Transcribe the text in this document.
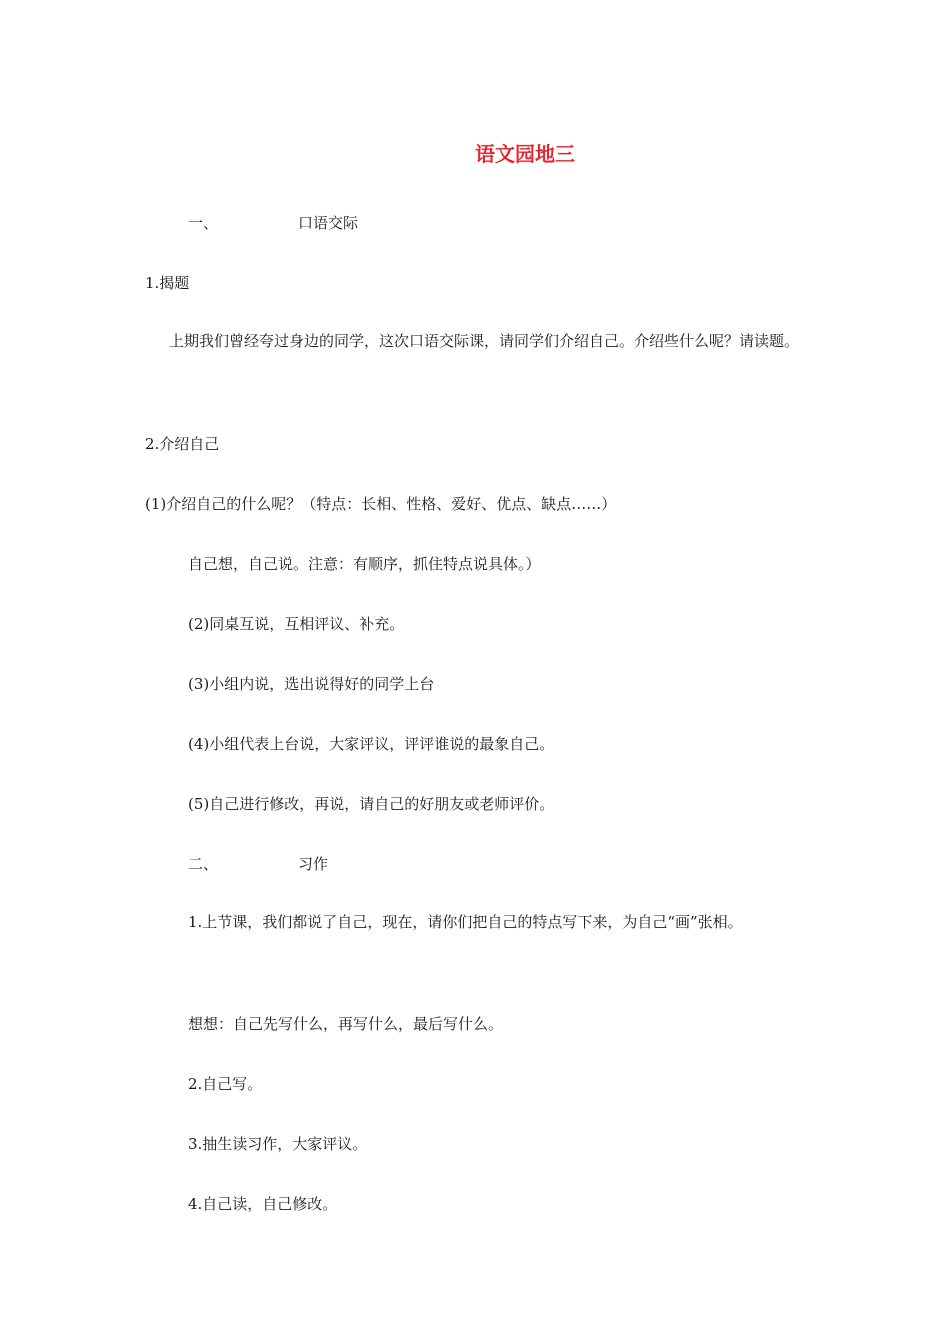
语文园地三
一、	口语交际
1.揭题
上期我们曾经夸过身边的同学，这次口语交际课，请同学们介绍自己。介绍些什么呢？请读题。
2.介绍自己
(1)介绍自己的什么呢？（特点：长相、性格、爱好、优点、缺点……）
自己想，自己说。注意：有顺序，抓住特点说具体。）
(2)同桌互说，互相评议、补充。
(3)小组内说，选出说得好的同学上台
(4)小组代表上台说，大家评议，评评谁说的最象自己。
(5)自己进行修改，再说，请自己的好朋友或老师评价。
二、	习作
1.上节课，我们都说了自己，现在，请你们把自己的特点写下来，为自己“画”张相。
想想：自己先写什么，再写什么，最后写什么。
2.自己写。
3.抽生读习作，大家评议。
4.自己读，自己修改。
